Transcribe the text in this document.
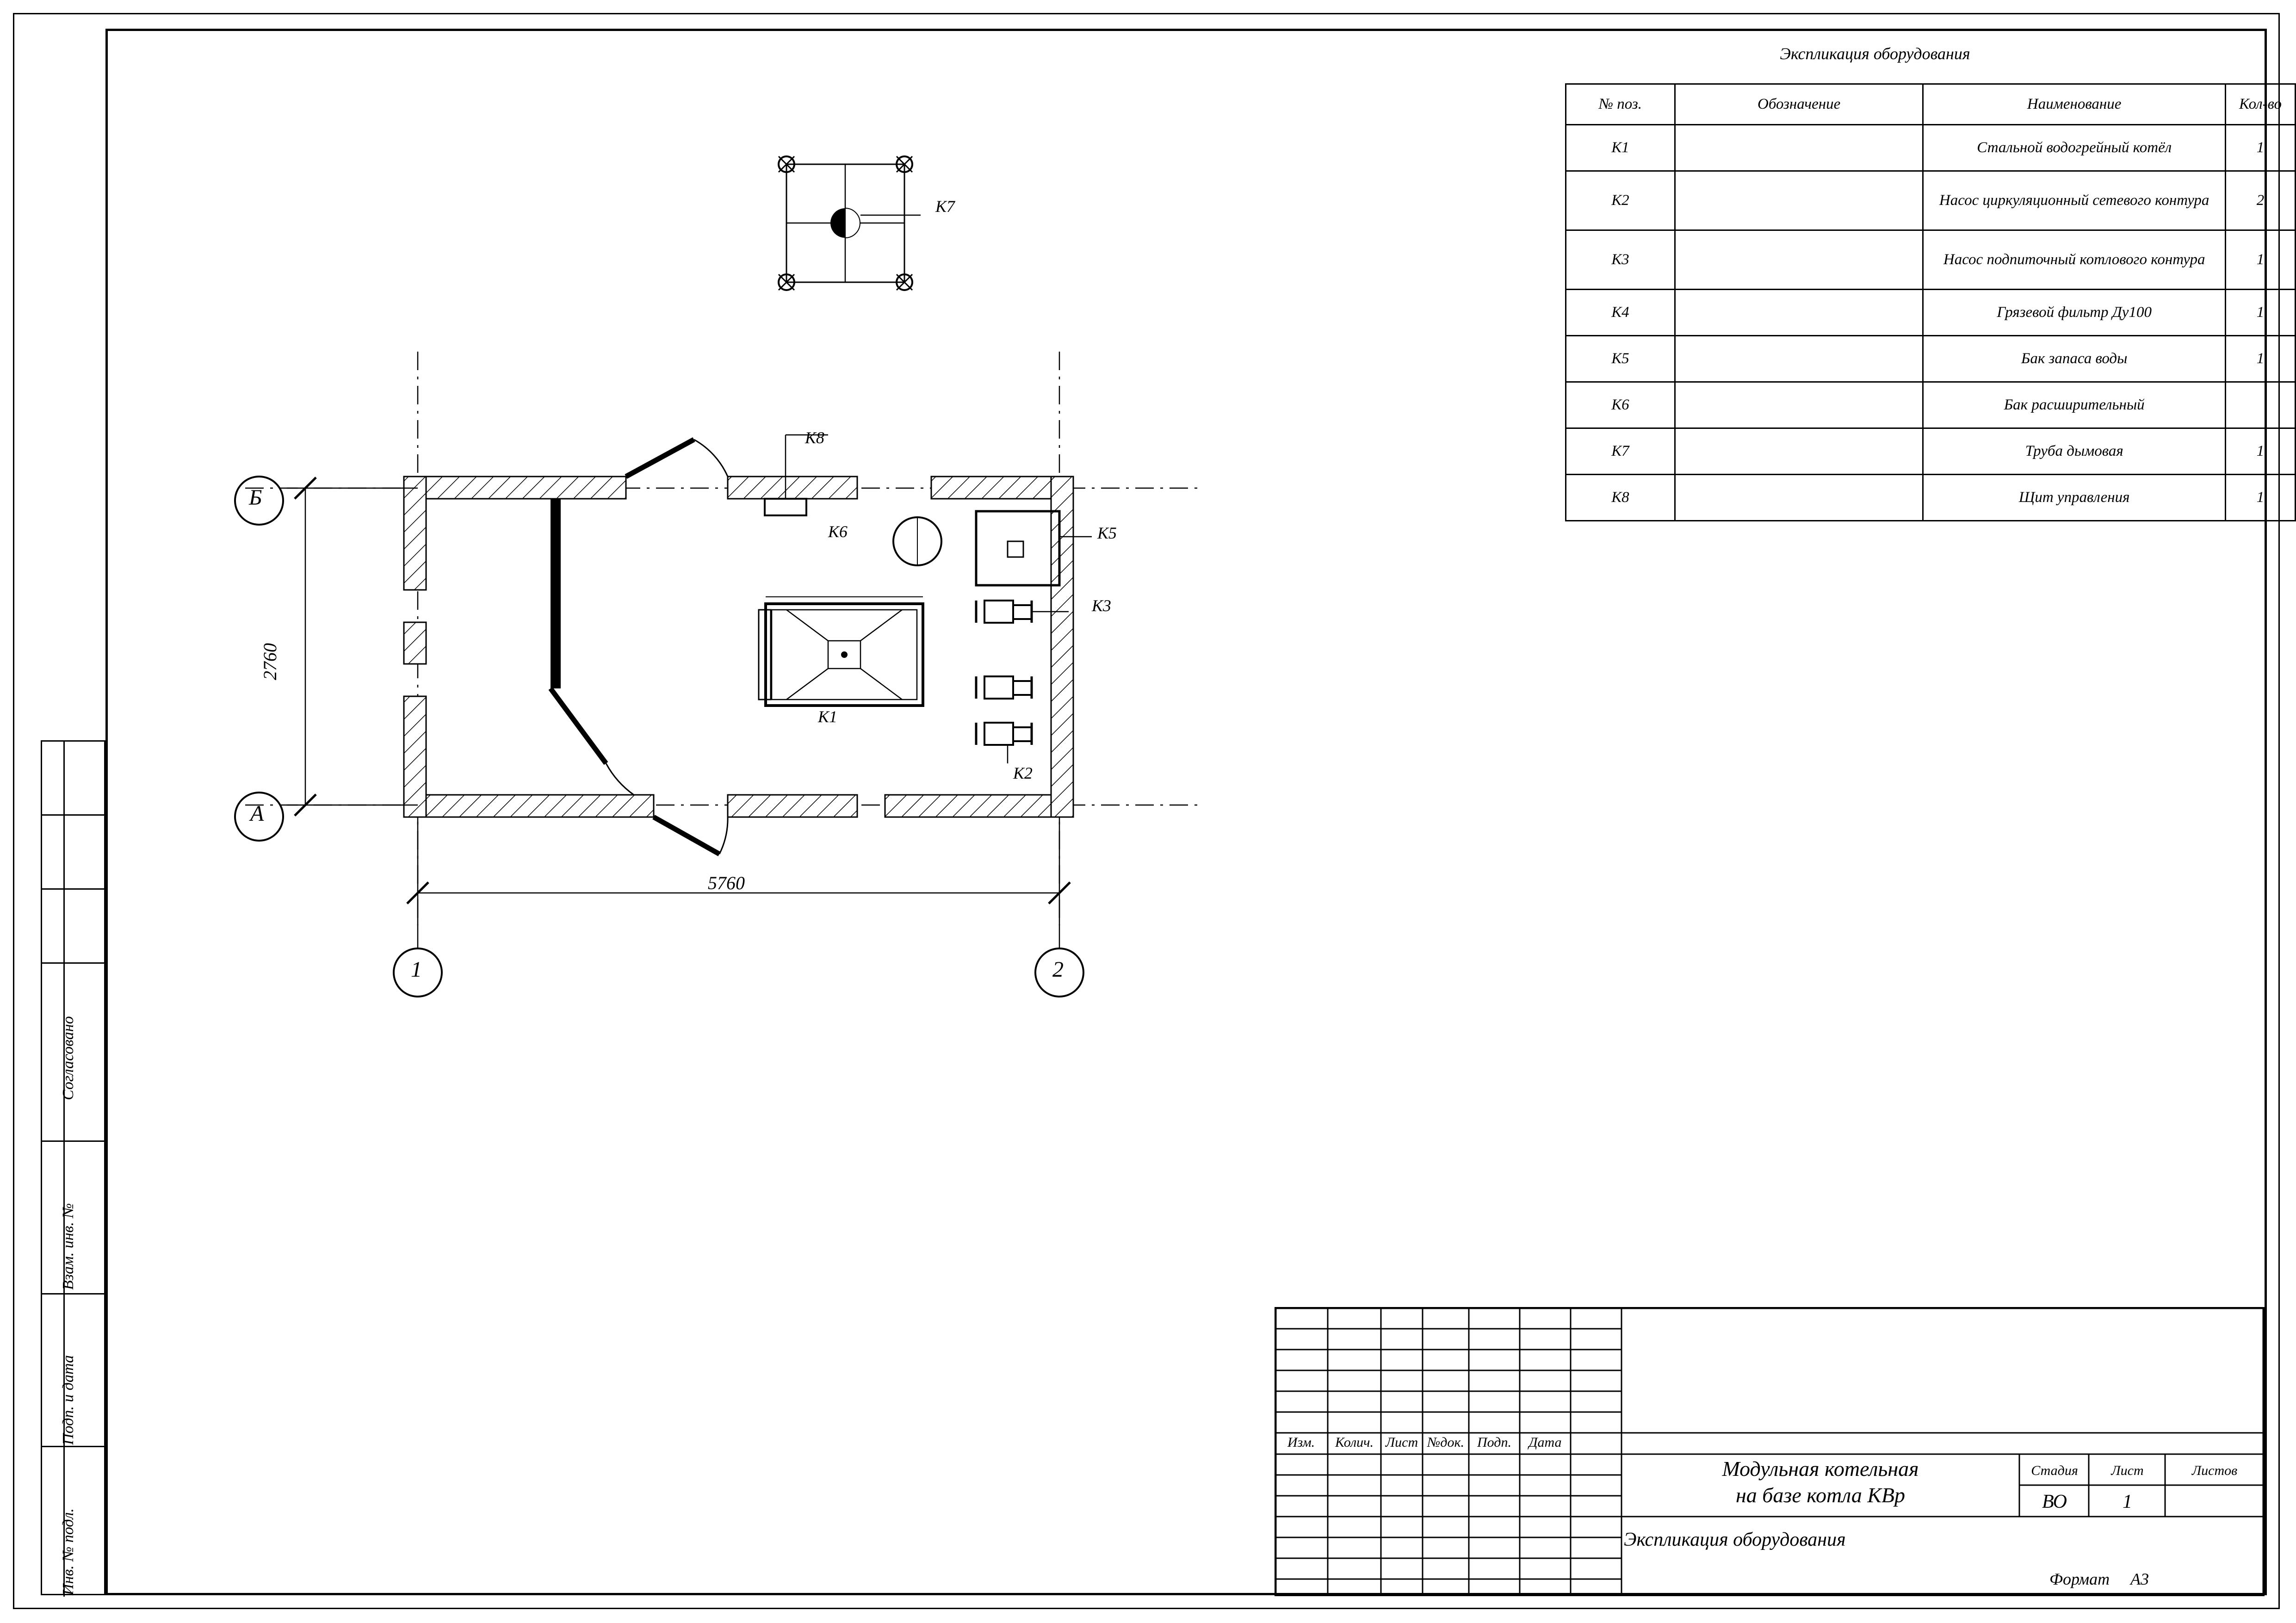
Согласовано
Взам. инв. №
Подп. и дата
Инв. № подл.
Экспликация оборудования
№ поз.	Обозначение	Наименование	Кол-во
К1		Стальной водогрейный котёл	1
К2		Насос циркуляционный сетевого контура	2
К3		Насос подпиточный котлового контура	1
К4		Грязевой фильтр Ду100	1
К5		Бак запаса воды	1
К6		Бак расширительный	
К7		Труба дымовая	1
К8		Щит управления	1
К7
К8
К6	К5
К3
К1
К2
5760
2760
Б
А
1	2
Изм.	Колич. Лист №док. Подп.	Дата
Модульная котельная
на базе котла КВр
Экспликация оборудования
Стадия	Лист	Листов
ВО	1
Формат А3
